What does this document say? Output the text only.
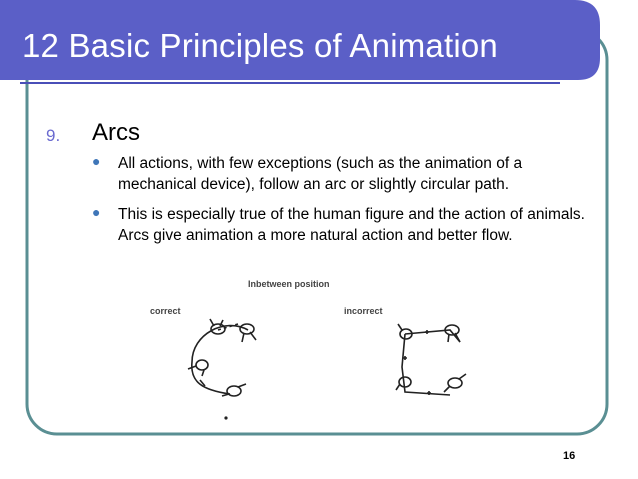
12 Basic Principles of Animation
9. Arcs
● All actions, with few exceptions (such as the animation of a mechanical device), follow an arc or slightly circular path.
● This is especially true of the human figure and the action of animals. Arcs give animation a more natural action and better flow.
Inbetween position
correct	incorrect
16
